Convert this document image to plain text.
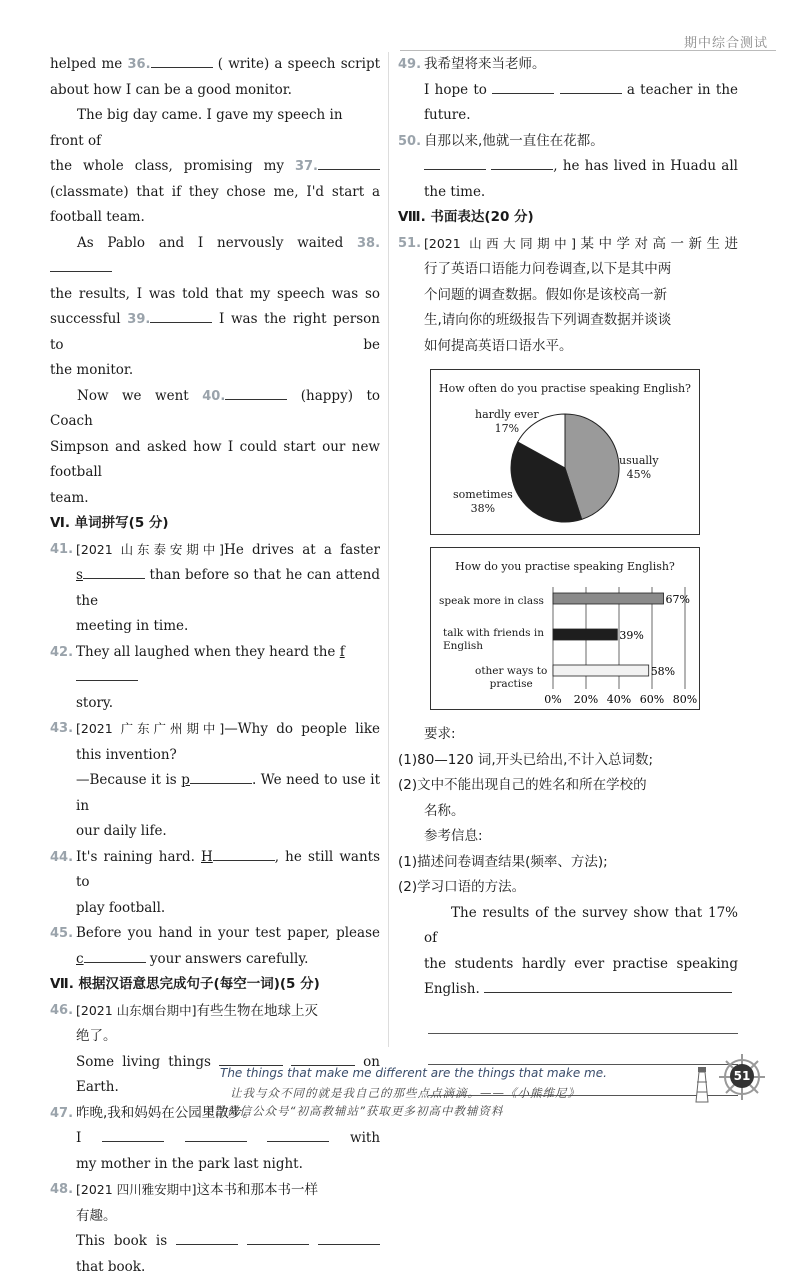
期中综合测试

helped me 36.	( write) a speech script

about how I can be a good monitor.

The big day came. I gave my speech in front of

the whole class, promising my 37.

(classmate) that if they chose me, I'd start a

football team.

As Pablo and I nervously waited 38.

the results, I was told that my speech was so

successful 39.	I was the right person to be

the monitor.

Now we went 40.	(happy) to Coach

Simpson and asked how I could start our new football

team.

Ⅵ. 单词拼写(5 分)

41. [2021 山东泰安期中]He drives at a faster

s	than before so that he can attend the

meeting in time.

42. They all laughed when they heard the f

story.

43. [2021 广东广州期中]—Why do people like

this invention?

—Because it is p	. We need to use it in

our daily life.

44. It's raining hard. H	, he still wants to

play football.

45. Before you hand in your test paper, please

c	your answers carefully.

Ⅶ. 根据汉语意思完成句子(每空一词)(5 分)

46. [2021 山东烟台期中]有些生物在地球上灭

绝了。

Some living things	on

Earth.

47. 昨晚,我和妈妈在公园里散步。

I	with

my mother in the park last night.

48. [2021 四川雅安期中]这本书和那本书一样

有趣。

This book is

that book.

49. 我希望将来当老师。

I hope to	a teacher in the

future.

50. 自那以来,他就一直住在花都。

, he has lived in Huadu all

the time.

Ⅷ. 书面表达(20 分)

51. [2021 山西大同期中]某中学对高一新生进

行了英语口语能力问卷调查,以下是其中两

个问题的调查数据。假如你是该校高一新

生,请向你的班级报告下列调查数据并谈谈

如何提高英语口语水平。

How often do you practise speaking English?
hardly ever
17%
usually
45%
sometimes
38%
How do you practise speaking English?
0% 20% 40% 60% 80%
67%
39%
58%
speak more in class
talk with friends in
English
other ways to
practise

要求:

(1)80—120 词,开头已给出,不计入总词数;

(2)文中不能出现自己的姓名和所在学校的

名称。

参考信息:

(1)描述问卷调查结果(频率、方法);

(2)学习口语的方法。

The results of the survey show that 17% of

the students hardly ever practise speaking

English.

The things that make me different are the things that make me.
让我与众不同的就是我自己的那些点点滴滴。——《小熊维尼》
关注微信公众号“初高教辅站”获取更多初高中教辅资料
51
